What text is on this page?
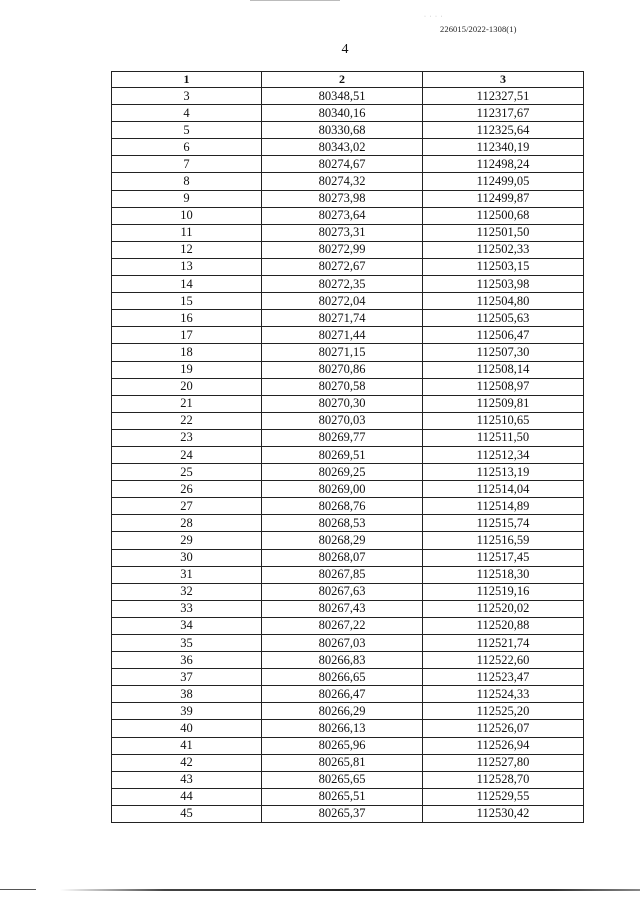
· · · ·
226015/2022-1308(1)
4
1	2	3
3	80348,51	112327,51
4	80340,16	112317,67
5	80330,68	112325,64
6	80343,02	112340,19
7	80274,67	112498,24
8	80274,32	112499,05
9	80273,98	112499,87
10	80273,64	112500,68
11	80273,31	112501,50
12	80272,99	112502,33
13	80272,67	112503,15
14	80272,35	112503,98
15	80272,04	112504,80
16	80271,74	112505,63
17	80271,44	112506,47
18	80271,15	112507,30
19	80270,86	112508,14
20	80270,58	112508,97
21	80270,30	112509,81
22	80270,03	112510,65
23	80269,77	112511,50
24	80269,51	112512,34
25	80269,25	112513,19
26	80269,00	112514,04
27	80268,76	112514,89
28	80268,53	112515,74
29	80268,29	112516,59
30	80268,07	112517,45
31	80267,85	112518,30
32	80267,63	112519,16
33	80267,43	112520,02
34	80267,22	112520,88
35	80267,03	112521,74
36	80266,83	112522,60
37	80266,65	112523,47
38	80266,47	112524,33
39	80266,29	112525,20
40	80266,13	112526,07
41	80265,96	112526,94
42	80265,81	112527,80
43	80265,65	112528,70
44	80265,51	112529,55
45	80265,37	112530,42
